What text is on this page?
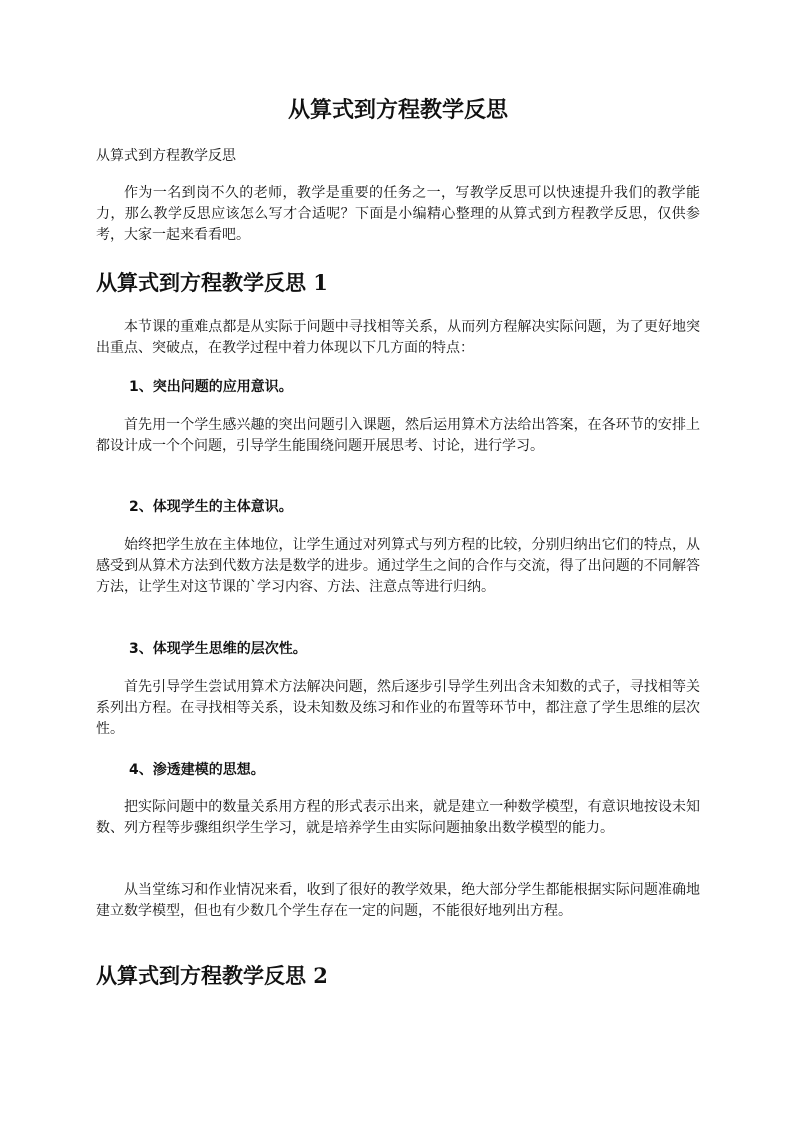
从算式到方程教学反思

从算式到方程教学反思

作为一名到岗不久的老师，教学是重要的任务之一，写教学反思可以快速提升我们的教学能力，那么教学反思应该怎么写才合适呢？下面是小编精心整理的从算式到方程教学反思，仅供参考，大家一起来看看吧。

从算式到方程教学反思 1

本节课的重难点都是从实际于问题中寻找相等关系，从而列方程解决实际问题，为了更好地突出重点、突破点，在教学过程中着力体现以下几方面的特点：

1、突出问题的应用意识。

首先用一个学生感兴趣的突出问题引入课题，然后运用算术方法给出答案，在各环节的安排上都设计成一个个问题，引导学生能围绕问题开展思考、讨论，进行学习。

2、体现学生的主体意识。

始终把学生放在主体地位，让学生通过对列算式与列方程的比较，分别归纳出它们的特点，从感受到从算术方法到代数方法是数学的进步。通过学生之间的合作与交流，得了出问题的不同解答方法，让学生对这节课的`学习内容、方法、注意点等进行归纳。

3、体现学生思维的层次性。

首先引导学生尝试用算术方法解决问题，然后逐步引导学生列出含未知数的式子，寻找相等关系列出方程。在寻找相等关系，设未知数及练习和作业的布置等环节中，都注意了学生思维的层次性。

4、渗透建模的思想。

把实际问题中的数量关系用方程的形式表示出来，就是建立一种数学模型，有意识地按设未知数、列方程等步骤组织学生学习，就是培养学生由实际问题抽象出数学模型的能力。

从当堂练习和作业情况来看，收到了很好的教学效果，绝大部分学生都能根据实际问题准确地建立数学模型，但也有少数几个学生存在一定的问题，不能很好地列出方程。

从算式到方程教学反思 2
